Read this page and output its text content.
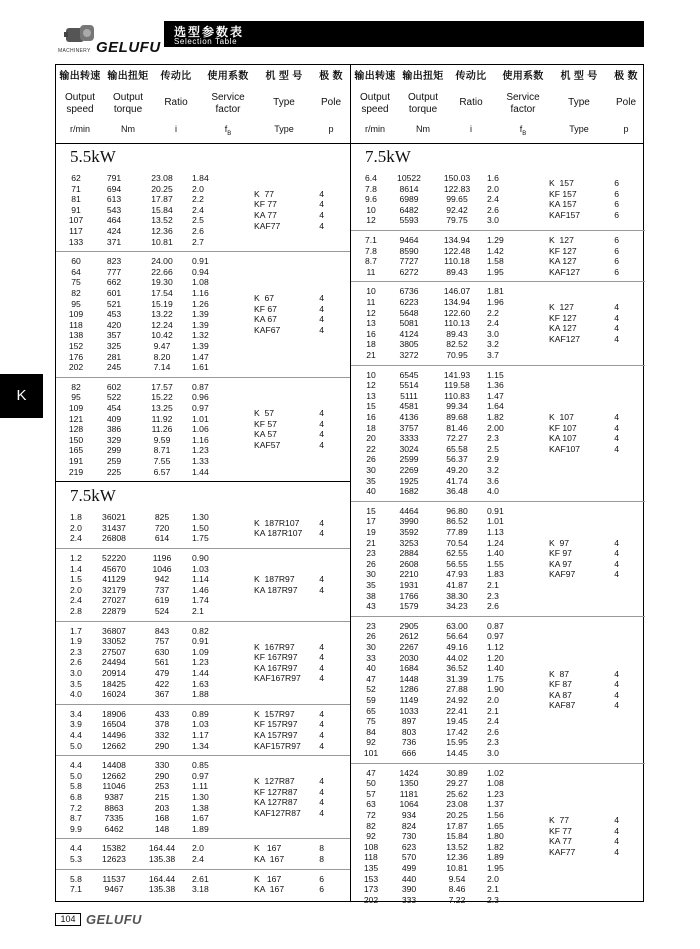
MACHINERY GELUFU
选型参数表
Selection Table
K
输出转速
Output
speed
r/min
输出扭矩
Output
torque
Nm
传动比
Ratio
i
使用系数
Service
factor
$f_B$
机 型 号
Type
Type
极 数
Pole
p
输出转速
Output
speed
r/min
输出扭矩
Output
torque
Nm
传动比
Ratio
i
使用系数
Service
factor
$f_B$
机 型 号
Type
Type
极 数
Pole
p
5.5kW
62	791	23.08	1.84
71	694	20.25	2.0
81	613	17.87	2.2
91	543	15.84	2.4
107	464	13.52	2.5
117	424	12.36	2.6
133	371	10.81	2.7
K  77	4
KF 77	4
KA 77	4
KAF77	4
60	823	24.00	0.91
64	777	22.66	0.94
75	662	19.30	1.08
82	601	17.54	1.16
95	521	15.19	1.26
109	453	13.22	1.39
118	420	12.24	1.39
138	357	10.42	1.32
152	325	9.47	1.39
176	281	8.20	1.47
202	245	7.14	1.61
K  67	4
KF 67	4
KA 67	4
KAF67	4
82	602	17.57	0.87
95	522	15.22	0.96
109	454	13.25	0.97
121	409	11.92	1.01
128	386	11.26	1.06
150	329	9.59	1.16
165	299	8.71	1.23
191	259	7.55	1.33
219	225	6.57	1.44
K  57	4
KF 57	4
KA 57	4
KAF57	4
7.5kW
1.8	36021	825	1.30
2.0	31437	720	1.50
2.4	26808	614	1.75
K  187R107	4
KA 187R107	4
1.2	52220	1196	0.90
1.4	45670	1046	1.03
1.5	41129	942	1.14
2.0	32179	737	1.46
2.4	27027	619	1.74
2.8	22879	524	2.1
K  187R97	4
KA 187R97	4
1.7	36807	843	0.82
1.9	33052	757	0.91
2.3	27507	630	1.09
2.6	24494	561	1.23
3.0	20914	479	1.44
3.5	18425	422	1.63
4.0	16024	367	1.88
K  167R97	4
KF 167R97	4
KA 167R97	4
KAF167R97	4
3.4	18906	433	0.89
3.9	16504	378	1.03
4.4	14496	332	1.17
5.0	12662	290	1.34
K  157R97	4
KF 157R97	4
KA 157R97	4
KAF157R97	4
4.4	14408	330	0.85
5.0	12662	290	0.97
5.8	11046	253	1.11
6.8	9387	215	1.30
7.2	8863	203	1.38
8.7	7335	168	1.67
9.9	6462	148	1.89
K  127R87	4
KF 127R87	4
KA 127R87	4
KAF127R87	4
4.4	15382	164.44	2.0
5.3	12623	135.38	2.4
K   167	8
KA  167	8
5.8	11537	164.44	2.61
7.1	9467	135.38	3.18
K   167	6
KA  167	6
7.5kW
6.4	10522	150.03	1.6
7.8	8614	122.83	2.0
9.6	6989	99.65	2.4
10	6482	92.42	2.6
12	5593	79.75	3.0
K  157	6
KF 157	6
KA 157	6
KAF157	6
7.1	9464	134.94	1.29
7.8	8590	122.48	1.42
8.7	7727	110.18	1.58
11	6272	89.43	1.95
K  127	6
KF 127	6
KA 127	6
KAF127	6
10	6736	146.07	1.81
11	6223	134.94	1.96
12	5648	122.60	2.2
13	5081	110.13	2.4
16	4124	89.43	3.0
18	3805	82.52	3.2
21	3272	70.95	3.7
K  127	4
KF 127	4
KA 127	4
KAF127	4
10	6545	141.93	1.15
12	5514	119.58	1.36
13	5111	110.83	1.47
15	4581	99.34	1.64
16	4136	89.68	1.82
18	3757	81.46	2.00
20	3333	72.27	2.3
22	3024	65.58	2.5
26	2599	56.37	2.9
30	2269	49.20	3.2
35	1925	41.74	3.6
40	1682	36.48	4.0
K  107	4
KF 107	4
KA 107	4
KAF107	4
15	4464	96.80	0.91
17	3990	86.52	1.01
19	3592	77.89	1.13
21	3253	70.54	1.24
23	2884	62.55	1.40
26	2608	56.55	1.55
30	2210	47.93	1.83
35	1931	41.87	2.1
38	1766	38.30	2.3
43	1579	34.23	2.6
K  97	4
KF 97	4
KA 97	4
KAF97	4
23	2905	63.00	0.87
26	2612	56.64	0.97
30	2267	49.16	1.12
33	2030	44.02	1.20
40	1684	36.52	1.40
47	1448	31.39	1.75
52	1286	27.88	1.90
59	1149	24.92	2.0
65	1033	22.41	2.1
75	897	19.45	2.4
84	803	17.42	2.6
92	736	15.95	2.3
101	666	14.45	3.0
K  87	4
KF 87	4
KA 87	4
KAF87	4
47	1424	30.89	1.02
50	1350	29.27	1.08
57	1181	25.62	1.23
63	1064	23.08	1.37
72	934	20.25	1.56
82	824	17.87	1.65
92	730	15.84	1.80
108	623	13.52	1.82
118	570	12.36	1.89
135	499	10.81	1.95
153	440	9.54	2.0
173	390	8.46	2.1
202	333	7.22	2.3
K  77	4
KF 77	4
KA 77	4
KAF77	4
104 GELUFU
